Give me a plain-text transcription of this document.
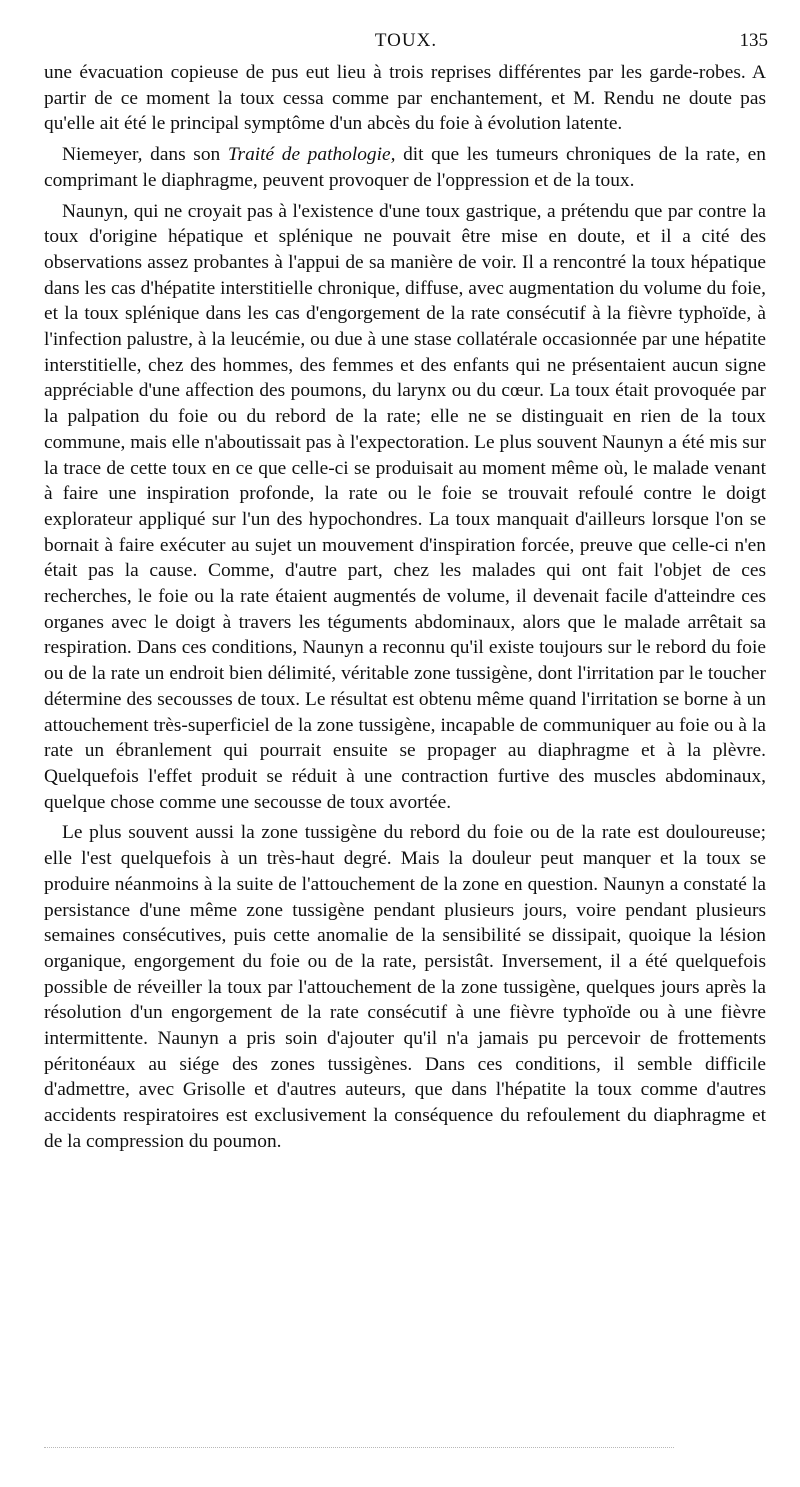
TOUX.	135

une évacuation copieuse de pus eut lieu à trois reprises différentes par les garde-robes. A partir de ce moment la toux cessa comme par enchantement, et M. Rendu ne doute pas qu'elle ait été le principal symptôme d'un abcès du foie à évolution latente.

Niemeyer, dans son Traité de pathologie, dit que les tumeurs chroniques de la rate, en comprimant le diaphragme, peuvent provoquer de l'oppression et de la toux.

Naunyn, qui ne croyait pas à l'existence d'une toux gastrique, a prétendu que par contre la toux d'origine hépatique et splénique ne pouvait être mise en doute, et il a cité des observations assez probantes à l'appui de sa manière de voir. Il a rencontré la toux hépatique dans les cas d'hépatite interstitielle chronique, diffuse, avec augmentation du volume du foie, et la toux splénique dans les cas d'engorgement de la rate consécutif à la fièvre typhoïde, à l'infection palustre, à la leucémie, ou due à une stase collatérale occasionnée par une hépatite interstitielle, chez des hommes, des femmes et des enfants qui ne présentaient aucun signe appréciable d'une affection des poumons, du larynx ou du cœur. La toux était provoquée par la palpation du foie ou du rebord de la rate; elle ne se distinguait en rien de la toux commune, mais elle n'aboutissait pas à l'expectoration. Le plus souvent Naunyn a été mis sur la trace de cette toux en ce que celle-ci se produisait au moment même où, le malade venant à faire une inspiration profonde, la rate ou le foie se trouvait refoulé contre le doigt explorateur appliqué sur l'un des hypochondres. La toux manquait d'ailleurs lorsque l'on se bornait à faire exécuter au sujet un mouvement d'inspiration forcée, preuve que celle-ci n'en était pas la cause. Comme, d'autre part, chez les malades qui ont fait l'objet de ces recherches, le foie ou la rate étaient augmentés de volume, il devenait facile d'atteindre ces organes avec le doigt à travers les téguments abdominaux, alors que le malade arrêtait sa respiration. Dans ces conditions, Naunyn a reconnu qu'il existe toujours sur le rebord du foie ou de la rate un endroit bien délimité, véritable zone tussigène, dont l'irritation par le toucher détermine des secousses de toux. Le résultat est obtenu même quand l'irritation se borne à un attouchement très-superficiel de la zone tussigène, incapable de communiquer au foie ou à la rate un ébranlement qui pourrait ensuite se propager au diaphragme et à la plèvre. Quelquefois l'effet produit se réduit à une contraction furtive des muscles abdominaux, quelque chose comme une secousse de toux avortée.

Le plus souvent aussi la zone tussigène du rebord du foie ou de la rate est douloureuse; elle l'est quelquefois à un très-haut degré. Mais la douleur peut manquer et la toux se produire néanmoins à la suite de l'attouchement de la zone en question. Naunyn a constaté la persistance d'une même zone tussigène pendant plusieurs jours, voire pendant plusieurs semaines consécutives, puis cette anomalie de la sensibilité se dissipait, quoique la lésion organique, engorgement du foie ou de la rate, persistât. Inversement, il a été quelquefois possible de réveiller la toux par l'attouchement de la zone tussigène, quelques jours après la résolution d'un engorgement de la rate consécutif à une fièvre typhoïde ou à une fièvre intermittente. Naunyn a pris soin d'ajouter qu'il n'a jamais pu percevoir de frottements péritonéaux au siége des zones tussigènes. Dans ces conditions, il semble difficile d'admettre, avec Grisolle et d'autres auteurs, que dans l'hépatite la toux comme d'autres accidents respiratoires est exclusivement la conséquence du refoulement du diaphragme et de la compression du poumon.
